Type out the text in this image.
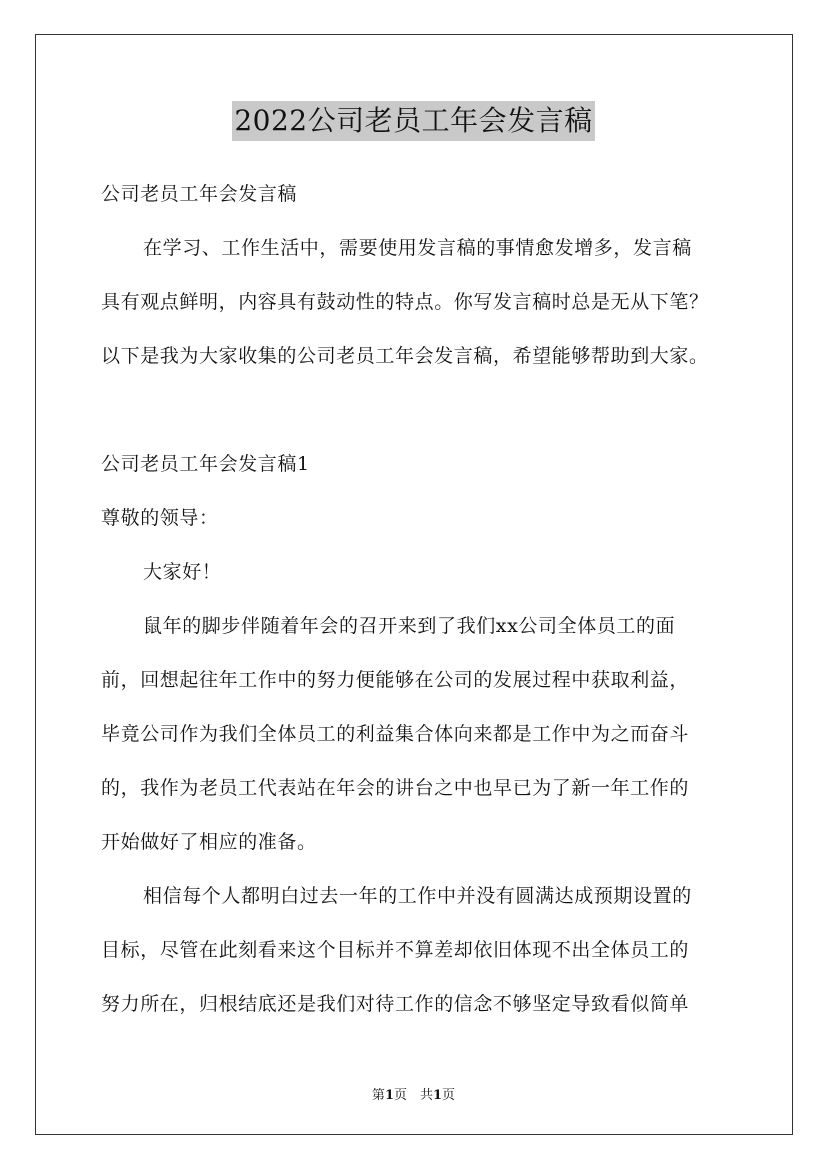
2022公司老员工年会发言稿
公司老员工年会发言稿
在学习、工作生活中，需要使用发言稿的事情愈发增多，发言稿
具有观点鲜明，内容具有鼓动性的特点。你写发言稿时总是无从下笔？
以下是我为大家收集的公司老员工年会发言稿，希望能够帮助到大家。
公司老员工年会发言稿1
尊敬的领导：
大家好！
鼠年的脚步伴随着年会的召开来到了我们xx公司全体员工的面
前，回想起往年工作中的努力便能够在公司的发展过程中获取利益，
毕竟公司作为我们全体员工的利益集合体向来都是工作中为之而奋斗
的，我作为老员工代表站在年会的讲台之中也早已为了新一年工作的
开始做好了相应的准备。
相信每个人都明白过去一年的工作中并没有圆满达成预期设置的
目标，尽管在此刻看来这个目标并不算差却依旧体现不出全体员工的
努力所在，归根结底还是我们对待工作的信念不够坚定导致看似简单
第1页　共1页
